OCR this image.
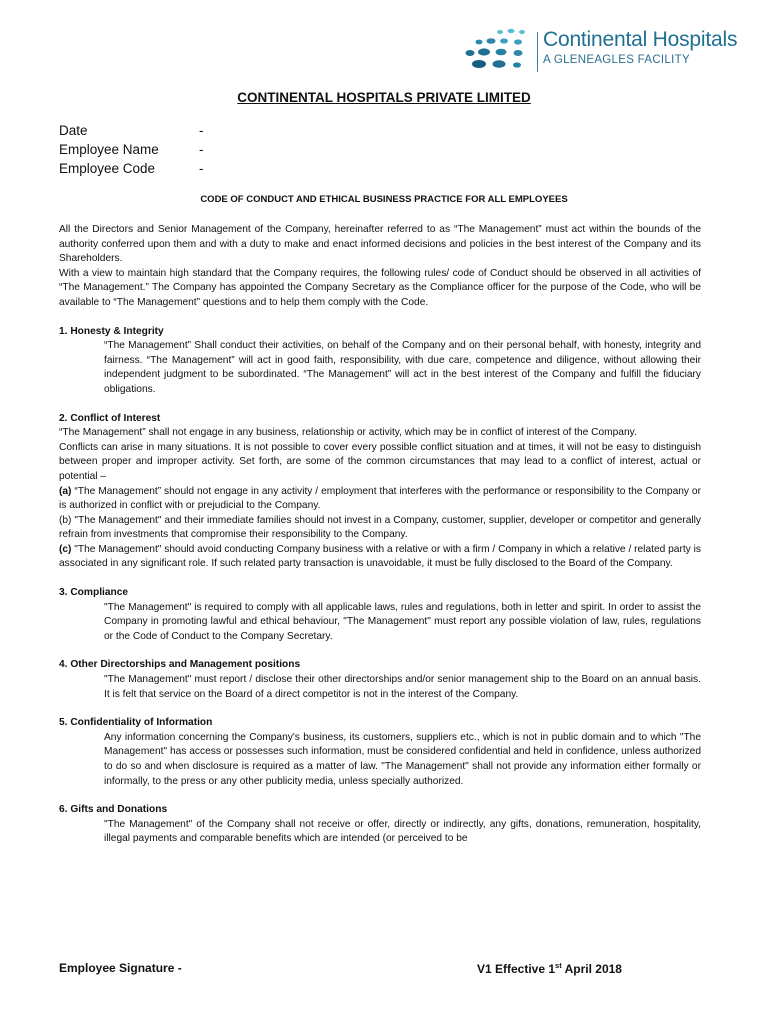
Continental Hospitals
A GLENEAGLES FACILITY
CONTINENTAL HOSPITALS PRIVATE LIMITED
Date	-
Employee Name	-
Employee Code	-
CODE OF CONDUCT AND ETHICAL BUSINESS PRACTICE FOR ALL EMPLOYEES

All the Directors and Senior Management of the Company, hereinafter referred to as “The Management” must act within the bounds of the authority conferred upon them and with a duty to make and enact informed decisions and policies in the best interest of the Company and its Shareholders.

With a view to maintain high standard that the Company requires, the following rules/ code of Conduct should be observed in all activities of “The Management.” The Company has appointed the Company Secretary as the Compliance officer for the purpose of the Code, who will be available to “The Management” questions and to help them comply with the Code.

1. Honesty & Integrity

“The Management” Shall conduct their activities, on behalf of the Company and on their personal behalf, with honesty, integrity and fairness. “The Management” will act in good faith, responsibility, with due care, competence and diligence, without allowing their independent judgment to be subordinated. “The Management” will act in the best interest of the Company and fulfill the fiduciary obligations.

2. Conflict of Interest

“The Management” shall not engage in any business, relationship or activity, which may be in conflict of interest of the Company.

Conflicts can arise in many situations. It is not possible to cover every possible conflict situation and at times, it will not be easy to distinguish between proper and improper activity. Set forth, are some of the common circumstances that may lead to a conflict of interest, actual or potential –

(a) “The Management” should not engage in any activity / employment that interferes with the performance or responsibility to the Company or is authorized in conflict with or prejudicial to the Company.

(b) "The Management" and their immediate families should not invest in a Company, customer, supplier, developer or competitor and generally refrain from investments that compromise their responsibility to the Company.

(c) "The Management" should avoid conducting Company business with a relative or with a firm / Company in which a relative / related party is associated in any significant role. If such related party transaction is unavoidable, it must be fully disclosed to the Board of the Company.

3. Compliance

"The Management" is required to comply with all applicable laws, rules and regulations, both in letter and spirit. In order to assist the Company in promoting lawful and ethical behaviour, "The Management" must report any possible violation of law, rules, regulations or the Code of Conduct to the Company Secretary.

4. Other Directorships and Management positions

"The Management" must report / disclose their other directorships and/or senior management ship to the Board on an annual basis. It is felt that service on the Board of a direct competitor is not in the interest of the Company.

5. Confidentiality of Information

Any information concerning the Company's business, its customers, suppliers etc., which is not in public domain and to which "The Management" has access or possesses such information, must be considered confidential and held in confidence, unless authorized to do so and when disclosure is required as a matter of law. "The Management" shall not provide any information either formally or informally, to the press or any other publicity media, unless specially authorized.

6. Gifts and Donations

"The Management" of the Company shall not receive or offer, directly or indirectly, any gifts, donations, remuneration, hospitality, illegal payments and comparable benefits which are intended (or perceived to be

Employee Signature -	V1 Effective 1st April 2018
